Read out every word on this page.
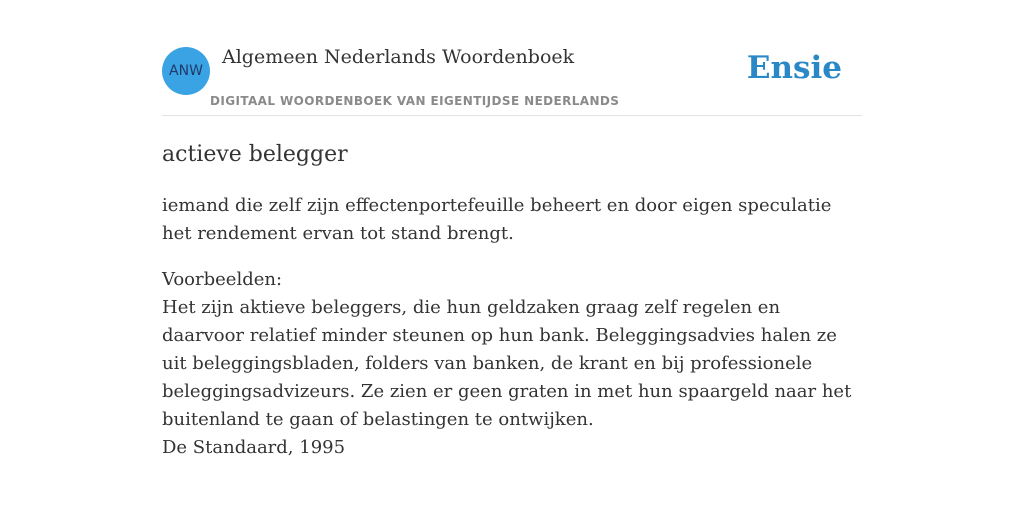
ANW
Algemeen Nederlands Woordenboek
DIGITAAL WOORDENBOEK VAN EIGENTIJDSE NEDERLANDS
Ensie
actieve belegger

iemand die zelf zijn effectenportefeuille beheert en door eigen speculatie het rendement ervan tot stand brengt.

Voorbeelden:
Het zijn aktieve beleggers, die hun geldzaken graag zelf regelen en daarvoor relatief minder steunen op hun bank. Beleggingsadvies halen ze uit beleggingsbladen, folders van banken, de krant en bij professionele beleggingsadvizeurs. Ze zien er geen graten in met hun spaargeld naar het buitenland te gaan of belastingen te ontwijken.
De Standaard, 1995
